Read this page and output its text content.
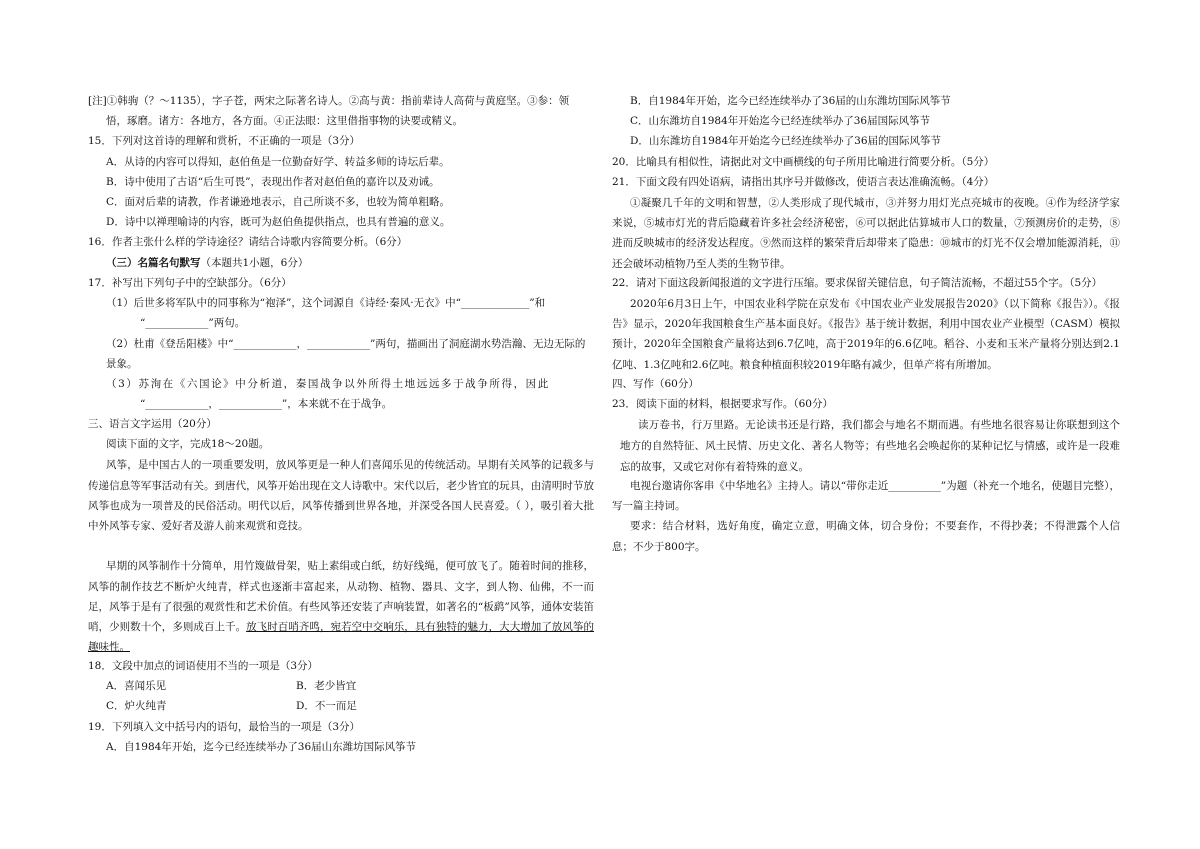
[注]①韩驹（？～1135），字子苍，两宋之际著名诗人。②高与黄：指前辈诗人高荷与黄庭坚。③参：领

悟，琢磨。诸方：各地方，各方面。④正法眼：这里借指事物的诀要或精义。

15．下列对这首诗的理解和赏析，不正确的一项是（3分）

A．从诗的内容可以得知，赵伯鱼是一位勤奋好学、转益多师的诗坛后辈。

B．诗中使用了古语“后生可畏”，表现出作者对赵伯鱼的嘉许以及劝诫。

C．面对后辈的请教，作者谦逊地表示，自己所谈不多，也较为简单粗略。

D．诗中以禅理喻诗的内容，既可为赵伯鱼提供指点，也具有普遍的意义。

16．作者主张什么样的学诗途径？请结合诗歌内容简要分析。（6分）

（三）名篇名句默写（本题共1小题，6分）

17．补写出下列句子中的空缺部分。（6分）

（1）后世多将军队中的同事称为“袍泽”，这个词源自《诗经·秦风·无衣》中“_____________”和

“____________”两句。

（2）杜甫《登岳阳楼》中“____________，____________”两句，描画出了洞庭湖水势浩瀚、无边无际的景象。

（3）苏洵在《六国论》中分析道，秦国战争以外所得土地远远多于战争所得，因此

“____________，____________”，本来就不在于战争。

三、语言文字运用（20分）

阅读下面的文字，完成18～20题。

风筝，是中国古人的一项重要发明，放风筝更是一种人们喜闻乐见的传统活动。早期有关风筝的记载多与传递信息等军事活动有关。到唐代，风筝开始出现在文人诗歌中。宋代以后，老少皆宜的玩具，由清明时节放风筝也成为一项普及的民俗活动。明代以后，风筝传播到世界各地，并深受各国人民喜爱。（ ），吸引着大批中外风筝专家、爱好者及游人前来观赏和竞技。

早期的风筝制作十分简单，用竹篾做骨架，贴上素绢或白纸，纺好线绳，便可放飞了。随着时间的推移，风筝的制作技艺不断炉火纯青，样式也逐渐丰富起来，从动物、植物、器具、文字，到人物、仙佛，不一而足，风筝于是有了很强的观赏性和艺术价值。有些风筝还安装了声响装置，如著名的“板鹞”风筝，通体安装笛哨，少则数十个，多则成百上千。放飞时百哨齐鸣，宛若空中交响乐，具有独特的魅力，大大增加了放风筝的趣味性。

18．文段中加点的词语使用不当的一项是（3分）

A．喜闻乐见	B．老少皆宜
C．炉火纯青	D．不一而足

19．下列填入文中括号内的语句，最恰当的一项是（3分）

A．自1984年开始，迄今已经连续举办了36届山东潍坊国际风筝节

B．自1984年开始，迄今已经连续举办了36届的山东潍坊国际风筝节

C．山东潍坊自1984年开始迄今已经连续举办了36届国际风筝节

D．山东潍坊自1984年开始迄今已经连续举办了36届的国际风筝节

20．比喻具有相似性，请据此对文中画横线的句子所用比喻进行简要分析。（5分）

21．下面文段有四处语病，请指出其序号并做修改，使语言表达准确流畅。（4分）

①凝聚几千年的文明和智慧，②人类形成了现代城市，③并努力用灯光点亮城市的夜晚。④作为经济学家来说，⑤城市灯光的背后隐藏着许多社会经济秘密，⑥可以据此估算城市人口的数量，⑦预测房价的走势，⑧进而反映城市的经济发达程度。⑨然而这样的繁荣背后却带来了隐患：⑩城市的灯光不仅会增加能源消耗，⑪还会破坏动植物乃至人类的生物节律。

22．请对下面这段新闻报道的文字进行压缩。要求保留关键信息，句子简洁流畅，不超过55个字。（5分）

2020年6月3日上午，中国农业科学院在京发布《中国农业产业发展报告2020》（以下简称《报告》）。《报告》显示，2020年我国粮食生产基本面良好。《报告》基于统计数据，利用中国农业产业模型（CASM）模拟预计，2020年全国粮食产量将达到6.7亿吨，高于2019年的6.6亿吨。稻谷、小麦和玉米产量将分别达到2.1亿吨、1.3亿吨和2.6亿吨。粮食种植面积较2019年略有减少，但单产将有所增加。

四、写作（60分）

23．阅读下面的材料，根据要求写作。（60分）

读万卷书，行万里路。无论读书还是行路，我们都会与地名不期而遇。有些地名很容易让你联想到这个地方的自然特征、风土民情、历史文化、著名人物等；有些地名会唤起你的某种记忆与情感，或许是一段难忘的故事，又或它对你有着特殊的意义。

电视台邀请你客串《中华地名》主持人。请以“带你走近__________”为题（补充一个地名，使题目完整），写一篇主持词。

要求：结合材料，选好角度，确定立意，明确文体，切合身份；不要套作，不得抄袭；不得泄露个人信息；不少于800字。
